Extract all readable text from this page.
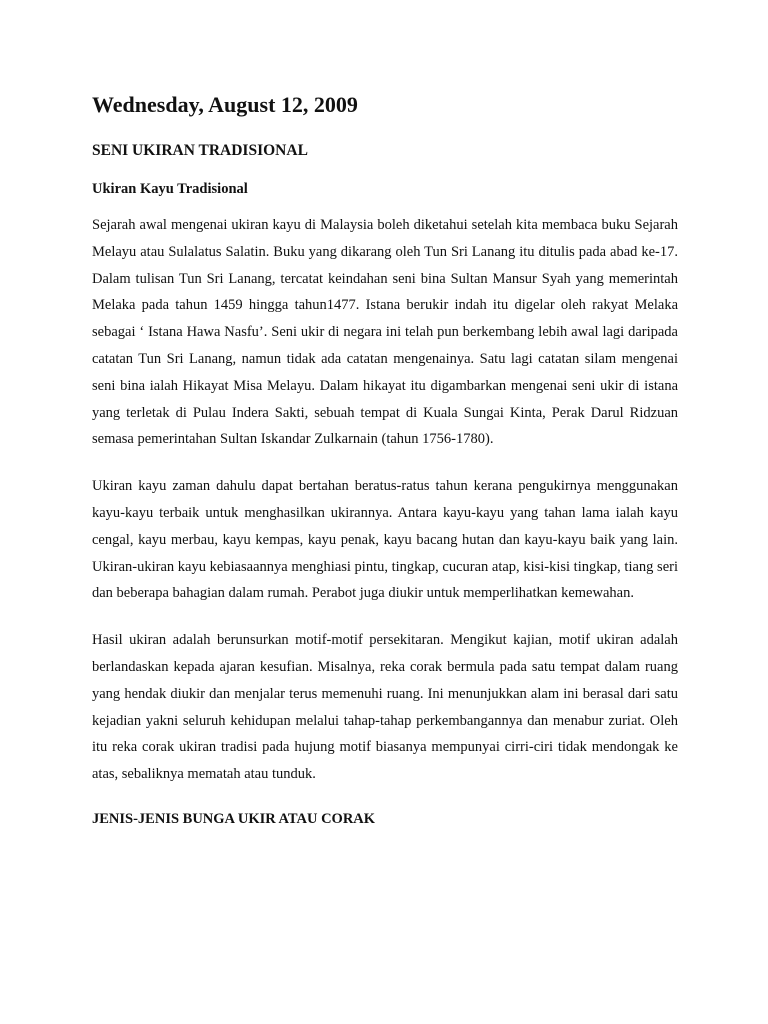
Wednesday, August 12, 2009
SENI UKIRAN TRADISIONAL
Ukiran Kayu Tradisional

Sejarah awal mengenai ukiran kayu di Malaysia boleh diketahui setelah kita membaca buku Sejarah Melayu atau Sulalatus Salatin. Buku yang dikarang oleh Tun Sri Lanang itu ditulis pada abad ke-17. Dalam tulisan Tun Sri Lanang, tercatat keindahan seni bina Sultan Mansur Syah yang memerintah Melaka pada tahun 1459 hingga tahun1477. Istana berukir indah itu digelar oleh rakyat Melaka sebagai ‘ Istana Hawa Nasfu’. Seni ukir di negara ini telah pun berkembang lebih awal lagi daripada catatan Tun Sri Lanang, namun tidak ada catatan mengenainya. Satu lagi catatan silam mengenai seni bina ialah Hikayat Misa Melayu. Dalam hikayat itu digambarkan mengenai seni ukir di istana yang terletak di Pulau Indera Sakti, sebuah tempat di Kuala Sungai Kinta, Perak Darul Ridzuan semasa pemerintahan Sultan Iskandar Zulkarnain (tahun 1756-1780).

Ukiran kayu zaman dahulu dapat bertahan beratus-ratus tahun kerana pengukirnya menggunakan kayu-kayu terbaik untuk menghasilkan ukirannya. Antara kayu-kayu yang tahan lama ialah kayu cengal, kayu merbau, kayu kempas, kayu penak, kayu bacang hutan dan kayu-kayu baik yang lain. Ukiran-ukiran kayu kebiasaannya menghiasi pintu, tingkap, cucuran atap, kisi-kisi tingkap, tiang seri dan beberapa bahagian dalam rumah. Perabot juga diukir untuk memperlihatkan kemewahan.

Hasil ukiran adalah berunsurkan motif-motif persekitaran. Mengikut kajian, motif ukiran adalah berlandaskan kepada ajaran kesufian. Misalnya, reka corak bermula pada satu tempat dalam ruang yang hendak diukir dan menjalar terus memenuhi ruang. Ini menunjukkan alam ini berasal dari satu kejadian yakni seluruh kehidupan melalui tahap-tahap perkembangannya dan menabur zuriat. Oleh itu reka corak ukiran tradisi pada hujung motif biasanya mempunyai cirri-ciri tidak mendongak ke atas, sebaliknya mematah atau tunduk.

JENIS-JENIS BUNGA UKIR ATAU CORAK
